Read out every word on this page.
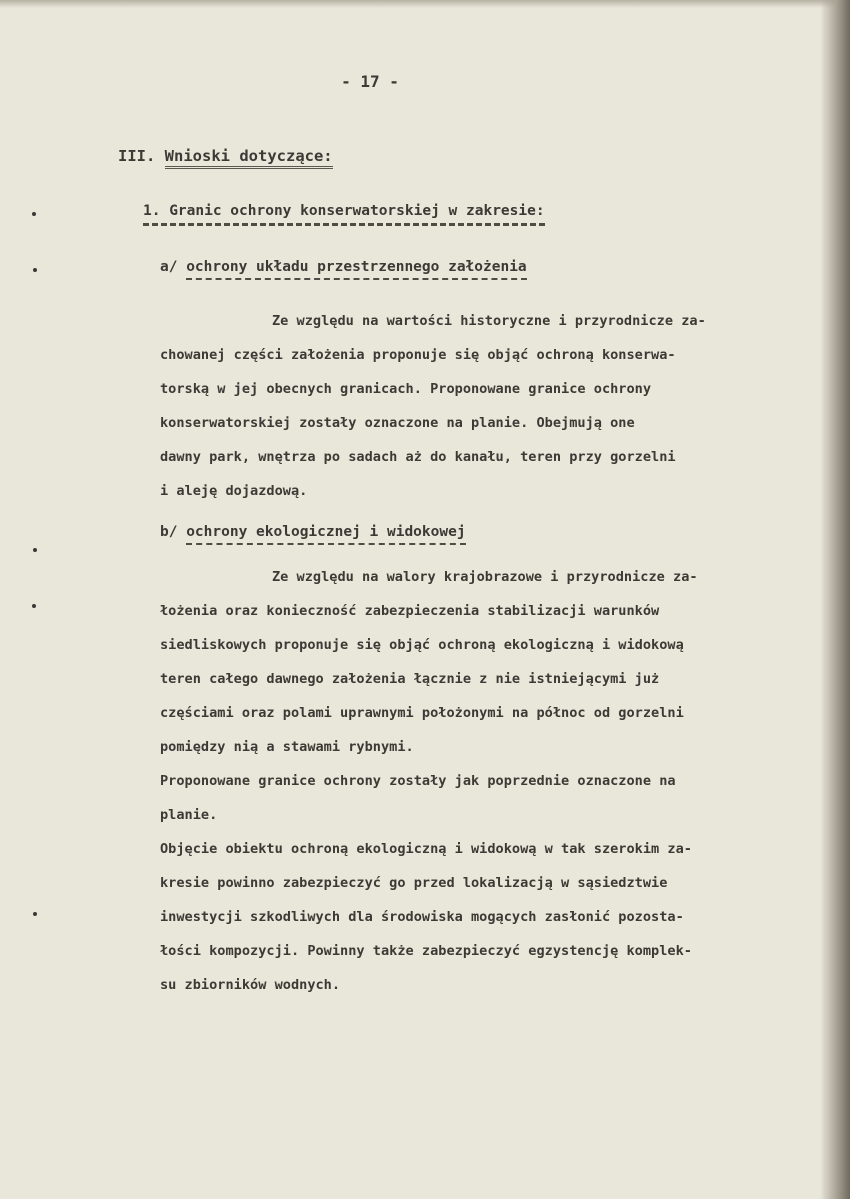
- 17 -
III. Wnioski dotyczące:
1. Granic ochrony konserwatorskiej w zakresie:
a/ ochrony układu przestrzennego założenia
Ze względu na wartości historyczne i przyrodnicze za-
chowanej części założenia proponuje się objąć ochroną konserwa-
torską w jej obecnych granicach. Proponowane granice ochrony
konserwatorskiej zostały oznaczone na planie. Obejmują one
dawny park, wnętrza po sadach aż do kanału, teren przy gorzelni
i aleję dojazdową.
b/ ochrony ekologicznej i widokowej
Ze względu na walory krajobrazowe i przyrodnicze za-
łożenia oraz konieczność zabezpieczenia stabilizacji warunków
siedliskowych proponuje się objąć ochroną ekologiczną i widokową
teren całego dawnego założenia łącznie z nie istniejącymi już
częściami oraz polami uprawnymi położonymi na północ od gorzelni
pomiędzy nią a stawami rybnymi.
Proponowane granice ochrony zostały jak poprzednie oznaczone na
planie.
Objęcie obiektu ochroną ekologiczną i widokową w tak szerokim za-
kresie powinno zabezpieczyć go przed lokalizacją w sąsiedztwie
inwestycji szkodliwych dla środowiska mogących zasłonić pozosta-
łości kompozycji. Powinny także zabezpieczyć egzystencję komplek-
su zbiorników wodnych.
